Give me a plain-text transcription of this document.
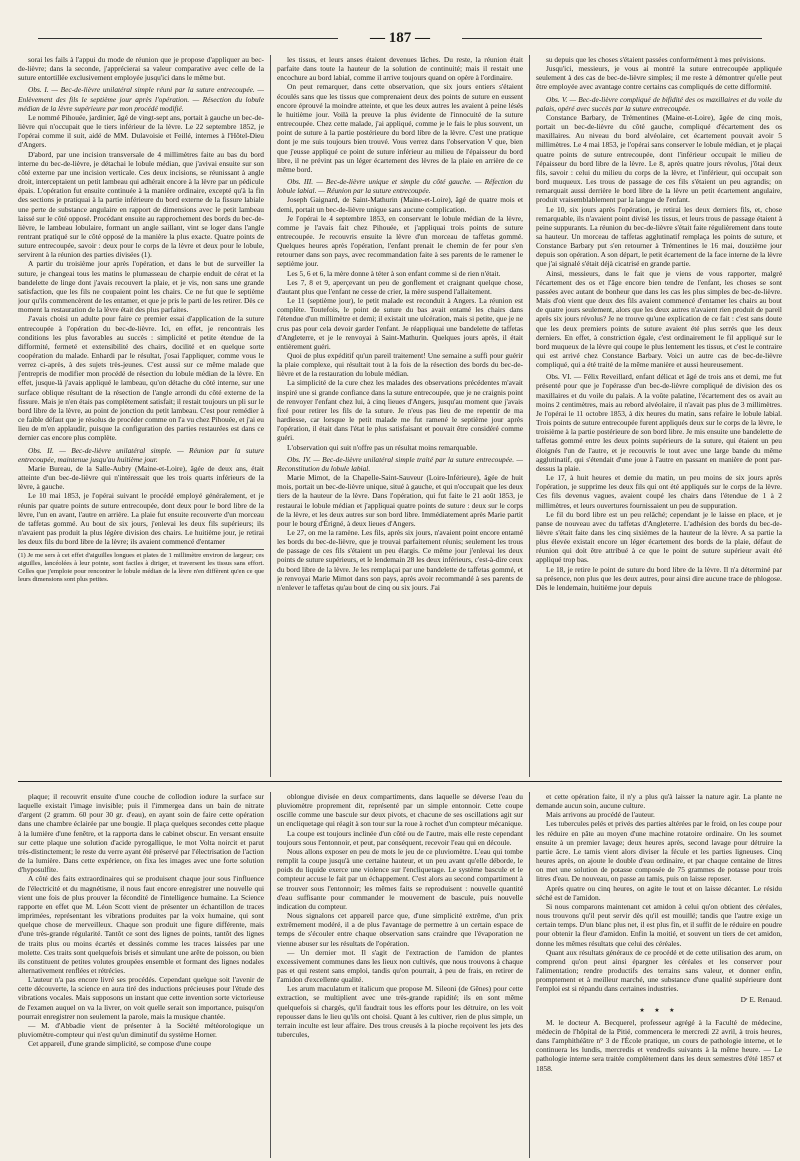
— 187 —

sorai les fails à l'appui du mode de réunion que je propose d'appliquer au bec-de-lièvre; dans la seconde, j'apprécierai sa valeur comparative avec celle de la suture entortillée exclusivement employée jusqu'ici dans le même but.

Obs. I. — Bec-de-lièvre unilatéral simple réuni par la suture entrecoupée. — Enlèvement des fils le septième jour après l'opération. — Résection du lobule médian de la lèvre supérieure par mon procédé modifié.

Le nommé Pihouée, jardinier, âgé de vingt-sept ans, portait à gauche un bec-de-lièvre qui n'occupait que le tiers inférieur de la lèvre. Le 22 septembre 1852, je l'opérai comme il suit, aidé de MM. Dulavoisie et Feillé, internes à l'Hôtel-Dieu d'Angers.

D'abord, par une incision transversale de 4 millimètres faite au bas du bord interne du bec-de-lièvre, je détachai le lobule médian, que j'avivai ensuite sur son côté externe par une incision verticale. Ces deux incisions, se réunissant à angle droit, interceptaient un petit lambeau qui adhérait encore à la lèvre par un pédicule épais. L'opération fut ensuite continuée à la manière ordinaire, excepté qu'à la fin des sections je pratiquai à la partie inférieure du bord externe de la fissure labiale une perte de substance angulaire en rapport de dimensions avec le petit lambeau laissé sur le côté opposé. Procédant ensuite au rapprochement des bords du bec-de-lièvre, le lambeau lobulaire, formant un angle saillant, vint se loger dans l'angle rentrant pratiqué sur le côté opposé de la manière la plus exacte. Quatre points de suture entrecoupée, savoir : deux pour le corps de la lèvre et deux pour le lobule, servirent à la réunion des parties divisées (1).

A partir du troisième jour après l'opération, et dans le but de surveiller la suture, je changeai tous les matins le plumasseau de charpie enduit de cérat et la bandelette de linge dont j'avais recouvert la plaie, et je vis, non sans une grande satisfaction, que les fils ne coupaient point les chairs. Ce ne fut que le septième jour qu'ils commencèrent de les entamer, et que je pris le parti de les retirer. Dès ce moment la restauration de la lèvre était des plus parfaites.

J'avais choisi un adulte pour faire ce premier essai d'application de la suture entrecoupée à l'opération du bec-de-lièvre. Ici, en effet, je rencontrais les conditions les plus favorables au succès : simplicité et petite étendue de la difformité, fermeté et extensibilité des chairs, docilité et en quelque sorte coopération du malade. Enhardi par le résultat, j'osai l'appliquer, comme vous le verrez ci-après, à des sujets très-jeunes. C'est aussi sur ce même malade que j'entrepris de modifier mon procédé de résection du lobule médian de la lèvre. En effet, jusque-là j'avais appliqué le lambeau, qu'on détache du côté interne, sur une surface oblique résultant de la résection de l'angle arrondi du côté externe de la fissure. Mais je n'en étais pas complètement satisfait; il restait toujours un pli sur le bord libre de la lèvre, au point de jonction du petit lambeau. C'est pour remédier à ce faible défaut que je résolus de procéder comme on l'a vu chez Pihouée, et j'ai eu lieu de m'en applaudir, puisque la configuration des parties restaurées est dans ce dernier cas encore plus complète.

Obs. II. — Bec-de-lièvre unilatéral simple. — Réunion par la suture entrecoupée, maintenue jusqu'au huitième jour.

Marie Bureau, de la Salle-Aubry (Maine-et-Loire), âgée de deux ans, était atteinte d'un bec-de-lièvre qui n'intéressait que les trois quarts inférieurs de la lèvre, à gauche.

Le 10 mai 1853, je l'opérai suivant le procédé employé généralement, et je réunis par quatre points de suture entrecoupée, dont deux pour le bord libre de la lèvre, l'un en avant, l'autre en arrière. La plaie fut ensuite recouverte d'un morceau de taffetas gommé. Au bout de six jours, j'enlevai les deux fils supérieurs; ils n'avaient pas produit la plus légère division des chairs. Le huitième jour, je retirai les deux fils du bord libre de la lèvre; ils avaient commencé d'entamer

(1) Je me sers à cet effet d'aiguilles longues et plates de 1 millimètre environ de largeur; ces aiguilles, lancéolées à leur pointe, sont faciles à diriger, et traversent les tissus sans effort. Celles que j'emploie pour rencontrer le lobule médian de la lèvre n'en diffèrent qu'en ce que leurs dimensions sont plus petites.

les tissus, et leurs anses étaient devenues lâches. Du reste, la réunion était parfaite dans toute la hauteur de la solution de continuité; mais il restait une encochure au bord labial, comme il arrive toujours quand on opère à l'ordinaire.

On peut remarquer, dans cette observation, que six jours entiers s'étaient écoulés sans que les tissus que comprenaient deux des points de suture en eussent encore éprouvé la moindre atteinte, et que les deux autres les avaient à peine lésés le huitième jour. Voilà la preuve la plus évidente de l'innocuité de la suture entrecoupée. Chez cette malade, j'ai appliqué, comme je le fais le plus souvent, un point de suture à la partie postérieure du bord libre de la lèvre. C'est une pratique dont je me suis toujours bien trouvé. Vous verrez dans l'observation V que, bien que j'eusse appliqué ce point de suture inférieur au milieu de l'épaisseur du bord libre, il ne prévint pas un léger écartement des lèvres de la plaie en arrière de ce même bord.

Obs. III. — Bec-de-lièvre unique et simple du côté gauche. — Réfection du lobule labial. — Réunion par la suture entrecoupée.

Joseph Gaignard, de Saint-Mathurin (Maine-et-Loire), âgé de quatre mois et demi, portait un bec-de-lièvre unique sans aucune complication.

Je l'opérai le 4 septembre 1853, en conservant le lobule médian de la lèvre, comme je l'avais fait chez Pihouée, et j'appliquai trois points de suture entrecoupée. Je recouvris ensuite la lèvre d'un morceau de taffetas gommé. Quelques heures après l'opération, l'enfant prenait le chemin de fer pour s'en retourner dans son pays, avec recommandation faite à ses parents de le ramener le septième jour.

Les 5, 6 et 6, la mère donne à téter à son enfant comme si de rien n'était.

Les 7, 8 et 9, aperçevant un peu de gonflement et craignant quelque chose, d'autant plus que l'enfant ne cesse de crier, la mère suspend l'allaitement.

Le 11 (septième jour), le petit malade est reconduit à Angers. La réunion est complète. Toutefois, le point de suture du bas avait entamé les chairs dans l'étendue d'un millimètre et demi; il existait une ulcération, mais si petite, que je ne crus pas pour cela devoir garder l'enfant. Je réappliquai une bandelette de taffetas d'Angleterre, et je le renvoyai à Saint-Mathurin. Quelques jours après, il était entièrement guéri.

Quoi de plus expéditif qu'un pareil traitement! Une semaine a suffi pour guérir la plaie complexe, qui résultait tout à la fois de la résection des bords du bec-de-lièvre et de la restauration du lobule médian.

La simplicité de la cure chez les malades des observations précédentes m'avait inspiré une si grande confiance dans la suture entrecoupée, que je ne craignis point de renvoyer l'enfant chez lui, à cinq lieues d'Angers, jusqu'au moment que j'avais fixé pour retirer les fils de la suture. Je n'eus pas lieu de me repentir de ma hardiesse, car lorsque le petit malade me fut ramené le septième jour après l'opération, il était dans l'état le plus satisfaisant et pouvait être considéré comme guéri.

L'observation qui suit n'offre pas un résultat moins remarquable.

Obs. IV. — Bec-de-lièvre unilatéral simple traité par la suture entrecoupée. — Reconstitution du lobule labial.

Marie Mimot, de la Chapelle-Saint-Sauveur (Loire-Inférieure), âgée de huit mois, portait un bec-de-lièvre unique, situé à gauche, et qui n'occupait que les deux tiers de la hauteur de la lèvre. Dans l'opération, qui fut faite le 21 août 1853, je restaurai le lobule médian et j'appliquai quatre points de suture : deux sur le corps de la lèvre, et les deux autres sur son bord libre. Immédiatement après Marie partit pour le bourg d'Érigné, à deux lieues d'Angers.

Le 27, on me la ramène. Les fils, après six jours, n'avaient point encore entamé les bords du bec-de-lièvre, que je trouvai parfaitement réunis; seulement les trous de passage de ces fils s'étaient un peu élargis. Ce même jour j'enlevai les deux points de suture supérieurs, et le lendemain 28 les deux inférieurs, c'est-à-dire ceux du bord libre de la lèvre. Je les remplaçai par une bandelette de taffetas gommé, et je renvoyai Marie Mimot dans son pays, après avoir recommandé à ses parents de n'enlever le taffetas qu'au bout de cinq ou six jours. J'ai

su depuis que les choses s'étaient passées conformément à mes prévisions.

Jusqu'ici, messieurs, je vous ai montré la suture entrecoupée appliquée seulement à des cas de bec-de-lièvre simples; il me reste à démontrer qu'elle peut être employée avec avantage contre certains cas compliqués de cette difformité.

Obs. V. — Bec-de-lièvre compliqué de bifidité des os maxillaires et du voile du palais, opéré avec succès par la suture entrecoupée.

Constance Barbary, de Trémentines (Maine-et-Loire), âgée de cinq mois, portait un bec-de-lièvre du côté gauche, compliqué d'écartement des os maxillaires. Au niveau du bord alvéolaire, cet écartement pouvait avoir 5 millimètres. Le 4 mai 1853, je l'opérai sans conserver le lobule médian, et je plaçai quatre points de suture entrecoupée, dont l'inférieur occupait le milieu de l'épaisseur du bord libre de la lèvre. Le 8, après quatre jours révolus, j'ôtai deux fils, savoir : celui du milieu du corps de la lèvre, et l'inférieur, qui occupait son bord muqueux. Les trous de passage de ces fils s'étaient un peu agrandis; on remarquait aussi derrière le bord libre de la lèvre un petit écartement angulaire, produit vraisemblablement par la langue de l'enfant.

Le 10, six jours après l'opération, je retirai les deux derniers fils, et, chose remarquable, ils n'avaient point divisé les tissus, et leurs trous de passage étaient à peine suppurants. La réunion du bec-de-lièvre s'était faite régulièrement dans toute sa hauteur. Un morceau de taffetas agglutinatif remplaça les points de suture, et Constance Barbary put s'en retourner à Trémentines le 16 mai, douzième jour depuis son opération. A son départ, le petit écartement de la face interne de la lèvre que j'ai signalé s'était déjà cicatrisé en grande partie.

Ainsi, messieurs, dans le fait que je viens de vous rapporter, malgré l'écartement des os et l'âge encore bien tendre de l'enfant, les choses se sont passées avec autant de bonheur que dans les cas les plus simples de bec-de-lièvre. Mais d'où vient que deux des fils avaient commencé d'entamer les chairs au bout de quatre jours seulement, alors que les deux autres n'avaient rien produit de pareil après six jours révolus? Je ne trouve qu'une explication de ce fait : c'est sans doute que les deux premiers points de suture avaient été plus serrés que les deux derniers. En effet, à constriction égale, c'est ordinairement le fil appliqué sur le bord muqueux de la lèvre qui coupe le plus lentement les tissus, et c'est le contraire qui est arrivé chez Constance Barbary. Voici un autre cas de bec-de-lièvre compliqué, qui a été traité de la même manière et aussi heureusement.

Obs. VI. — Félix Reveillard, enfant délicat et âgé de trois ans et demi, me fut présenté pour que je l'opérasse d'un bec-de-lièvre compliqué de division des os maxillaires et du voile du palais. A la voûte palatine, l'écartement des os avait au moins 2 centimètres, mais au rebord alvéolaire, il n'avait pas plus de 3 millimètres. Je l'opérai le 11 octobre 1853, à dix heures du matin, sans refaire le lobule labial. Trois points de suture entrecoupée furent appliqués deux sur le corps de la lèvre, le troisième à la partie postérieure de son bord libre. Je mis ensuite une bandelette de taffetas gommé entre les deux points supérieurs de la suture, qui étaient un peu éloignés l'un de l'autre, et je recouvris le tout avec une large bande du même agglutinatif, qui s'étendait d'une joue à l'autre en passant en manière de pont par-dessus la plaie.

Le 17, à huit heures et demie du matin, un peu moins de six jours après l'opération, je supprime les deux fils qui ont été appliqués sur le corps de la lèvre. Ces fils devenus vagues, avaient coupé les chairs dans l'étendue de 1 à 2 millimètres, et leurs ouvertures fournissaient un peu de suppuration.

Le fil du bord libre est un peu relâché; cependant je le laisse en place, et je panse de nouveau avec du taffetas d'Angleterre. L'adhésion des bords du bec-de-lièvre s'était faite dans les cinq sixièmes de la hauteur de la lèvre. A sa partie la plus élevée existait encore un léger écartement des bords de la plaie, défaut de réunion qui doit être attribué à ce que le point de suture supérieur avait été appliqué trop bas.

Le 18, je retire le point de suture du bord libre de la lèvre. Il n'a déterminé par sa présence, non plus que les deux autres, pour ainsi dire aucune trace de phlogose. Dès le lendemain, huitième jour depuis

plaque; il recouvrit ensuite d'une couche de collodion iodure la surface sur laquelle existait l'image invisible; puis il l'immergea dans un bain de nitrate d'argent (2 gramm. 60 pour 30 gr. d'eau), en ayant soin de faire cette opération dans une chambre éclairée par une bougie. Il plaça quelques secondes cette plaque à la lumière d'une fenêtre, et la rapporta dans le cabinet obscur. En versant ensuite sur cette plaque une solution d'acide pyrogallique, le mot Volta noircit et parut très-distinctement; le reste du verre ayant été préservé par l'électrisation de l'action de la lumière. Dans cette expérience, on fixa les images avec une forte solution d'hyposulfite.

A côté des faits extraordinaires qui se produisent chaque jour sous l'influence de l'électricité et du magnétisme, il nous faut encore enregistrer une nouvelle qui vient une fois de plus prouver la fécondité de l'intelligence humaine. La Science rapporte en effet que M. Léon Scott vient de présenter un échantillon de traces imprimées, représentant les vibrations produites par la voix humaine, qui sont quelque chose de merveilleux. Chaque son produit une figure différente, mais d'une très-grande régularité. Tantôt ce sont des lignes de points, tantôt des lignes de traits plus ou moins écartés et dessinés comme les traces laissées par une molette. Ces traits sont quelquefois brisés et simulant une arête de poisson, ou bien ils constituent de petites volutes groupées ensemble et formant des lignes nodales alternativement renflées et rétrécies.

L'auteur n'a pas encore livré ses procédés. Cependant quelque soit l'avenir de cette découverte, la science en aura tiré des inductions précieuses pour l'étude des vibrations vocales. Mais supposons un instant que cette invention sorte victorieuse de l'examen auquel on va la livrer, on voit quelle serait son importance, puisqu'on pourrait enregistrer non seulement la parole, mais la musique chantée.

— M. d'Abbadie vient de présenter à la Société météorologique un pluviomètre-compteur qui n'est qu'un diminutif du système Horner.

Cet appareil, d'une grande simplicité, se compose d'une coupe

oblongue divisée en deux compartiments, dans laquelle se déverse l'eau du pluviomètre proprement dit, représenté par un simple entonnoir. Cette coupe oscille comme une bascule sur deux pivots, et chacune de ses oscillations agit sur un encliquetage qui réagit à son tour sur la roue à rochet d'un compteur mécanique.

La coupe est toujours inclinée d'un côté ou de l'autre, mais elle reste cependant toujours sous l'entonnoir, et peut, par conséquent, recevoir l'eau qui en découle.

Nous allons exposer en peu de mots le jeu de ce pluviomètre. L'eau qui tombe remplit la coupe jusqu'à une certaine hauteur, et un peu avant qu'elle déborde, le poids du liquide exerce une violence sur l'encliquetage. Le système bascule et le compteur accuse le fait par un échappement. C'est alors au second compartiment à se trouver sous l'entonnoir; les mêmes faits se reproduisent : nouvelle quantité d'eau suffisante pour commander le mouvement de bascule, puis nouvelle indication du compteur.

Nous signalons cet appareil parce que, d'une simplicité extrême, d'un prix extrêmement modéré, il a de plus l'avantage de permettre à un certain espace de temps de s'écouler entre chaque observation sans craindre que l'évaporation ne vienne abuser sur les résultats de l'opération.

— Un dernier mot. Il s'agit de l'extraction de l'amidon de plantes excessivement communes dans les lieux non cultivés, que nous trouvons à chaque pas et qui restent sans emploi, tandis qu'on pourrait, à peu de frais, en retirer de l'amidon d'excellente qualité.

Les arum maculatum et italicum que propose M. Sileoni (de Gênes) pour cette extraction, se multiplient avec une très-grande rapidité; ils en sont même quelquefois si chargés, qu'il faudrait tous les efforts pour les détruire, on les voit repousser dans le lieu qu'ils ont choisi. Quant à les cultiver, rien de plus simple, un terrain inculte est leur affaire. Des trous creusés à la pioche reçoivent les jets des tubercules,

et cette opération faite, il n'y a plus qu'à laisser la nature agir. La plante ne demande aucun soin, aucune culture.

Mais arrivons au procédé de l'auteur.

Les tubercules pelés et privés des parties altérées par le froid, on les coupe pour les réduire en pâte au moyen d'une machine rotatoire ordinaire. On les soumet ensuite à un premier lavage; deux heures après, second lavage pour détruire la partie âcre. Le tamis vient alors diviser la fécule et les parties ligneuses. Cinq heures après, on ajoute le double d'eau ordinaire, et par chaque centaine de litres on met une solution de potasse composée de 75 grammes de potasse pour trois litres d'eau. De nouveau, on passe au tamis, puis on laisse reposer.

Après quatre ou cinq heures, on agite le tout et on laisse décanter. Le résidu séché est de l'amidon.

Si nous comparons maintenant cet amidon à celui qu'on obtient des céréales, nous trouvons qu'il peut servir dès qu'il est mouillé; tandis que l'autre exige un certain temps. D'un blanc plus net, il est plus fin, et il suffit de le réduire en poudre pour obtenir la fleur d'amidon. Enfin la moitié, et souvent un tiers de cet amidon, donne les mêmes résultats que celui des céréales.

Quant aux résultats généraux de ce procédé et de cette utilisation des arum, on comprend qu'on peut ainsi épargner les céréales et les conserver pour l'alimentation; rendre productifs des terrains sans valeur, et donner enfin, promptement et à meilleur marché, une substance d'une qualité supérieure dont l'emploi est si répandu dans certaines industries.

Dʳ E. Renaud.

★ ★ ★

M. le docteur A. Becquerel, professeur agrégé à la Faculté de médecine, médecin de l'hôpital de la Pitié, commencera le mercredi 22 avril, à trois heures, dans l'amphithéâtre n° 3 de l'École pratique, un cours de pathologie interne, et le continuera les lundis, mercredis et vendredis suivants à la même heure. — Le pathologie interne sera traitée complètement dans les deux semestres d'été 1857 et 1858.
